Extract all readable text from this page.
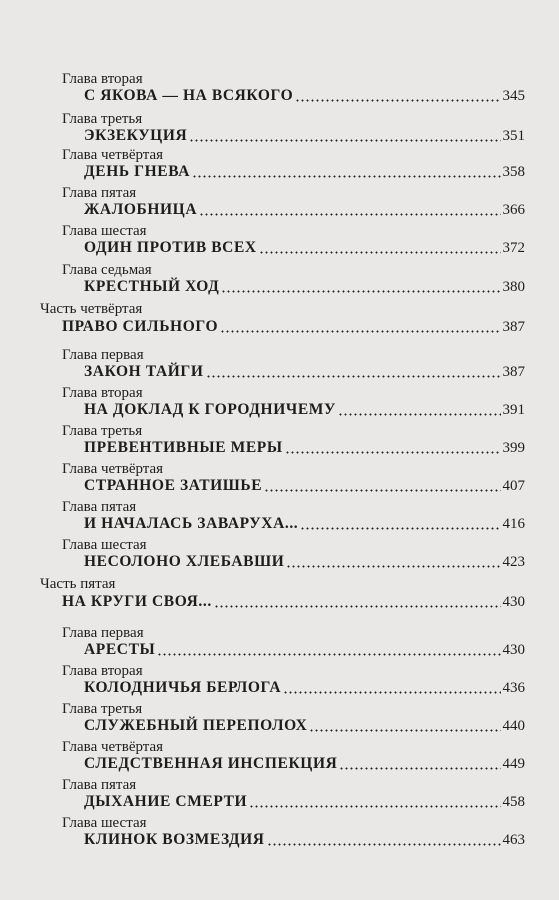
Глава вторая
С ЯКОВА — НА ВСЯКОГО	345
Глава третья
ЭКЗЕКУЦИЯ	351
Глава четвёртая
ДЕНЬ ГНЕВА	358
Глава пятая
ЖАЛОБНИЦА	366
Глава шестая
ОДИН ПРОТИВ ВСЕХ	372
Глава седьмая
КРЕСТНЫЙ ХОД	380
Часть четвёртая
ПРАВО СИЛЬНОГО	387
Глава первая
ЗАКОН ТАЙГИ	387
Глава вторая
НА ДОКЛАД К ГОРОДНИЧЕМУ	391
Глава третья
ПРЕВЕНТИВНЫЕ МЕРЫ	399
Глава четвёртая
СТРАННОЕ ЗАТИШЬЕ	407
Глава пятая
И НАЧАЛАСЬ ЗАВАРУХА...	416
Глава шестая
НЕСОЛОНО ХЛЕБАВШИ	423
Часть пятая
НА КРУГИ СВОЯ...	430
Глава первая
АРЕСТЫ	430
Глава вторая
КОЛОДНИЧЬЯ БЕРЛОГА	436
Глава третья
СЛУЖЕБНЫЙ ПЕРЕПОЛОХ	440
Глава четвёртая
СЛЕДСТВЕННАЯ ИНСПЕКЦИЯ	449
Глава пятая
ДЫХАНИЕ СМЕРТИ	458
Глава шестая
КЛИНОК ВОЗМЕЗДИЯ	463
